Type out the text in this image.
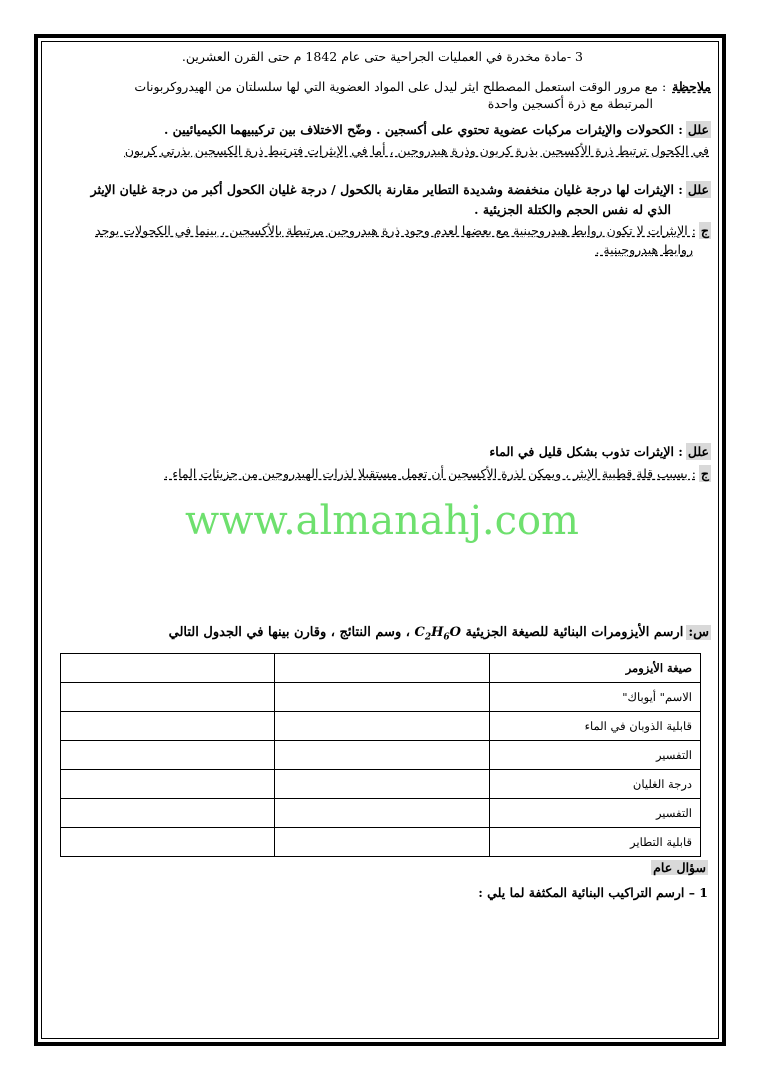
3 -مادة مخدرة في العمليات الجراحية حتى عام 1842 م حتى القرن العشرين.
ملاحظة: مع مرور الوقت استعمل المصطلح ايثر ليدل على المواد العضوية التي لها سلسلتان من الهيدروكربونات
المرتبطة مع ذرة أكسجين واحدة
علل: الكحولات والإيثرات مركبات عضوية تحتوي على أكسجين . وضّح الاختلاف بين تركيبيهما الكيميائيين .
في الكحول ترتبط ذرة الأكسجين بذرة كربون وذرة هيدروجين ، أما في الإيثرات فترتبط ذرة الكسجين بذرتي كربون
علل: الإيثرات لها درجة غليان منخفضة وشديدة التطاير مقارنة بالكحول / درجة غليان الكحول أكبر من درجة غليان الإيثر
الذي له نفس الحجم والكتلة الجزيئية .
ج: الإيثرات لا تكون روابط هيدروجينية مع بعضها لعدم وجود ذرة هيدروجين مرتبطة بالأكسجين ، بينما في الكحولات يوجد
روابط هيدروجينية .
علل: الإيثرات تذوب بشكل قليل في الماء
ج: بسبب قلة قطبية الإيثر ، ويمكن لذرة الأكسجين أن تعمل مستقبلا لذرات الهيدروجين من جزيئات الماء .
س:ارسم الأيزومرات البنائية للصيغة الجزيئية $C_2H_6O$ ، وسم النتائج ، وقارن بينها في الجدول التالي
www.almanahj.com
صيغة الأيزومر		
الاسم" أيوباك"		
قابلية الذوبان في الماء		
التفسير		
درجة الغليان		
التفسير		
قابلية التطاير		
سؤال عام
1 – ارسم التراكيب البنائية المكثفة لما يلي :
